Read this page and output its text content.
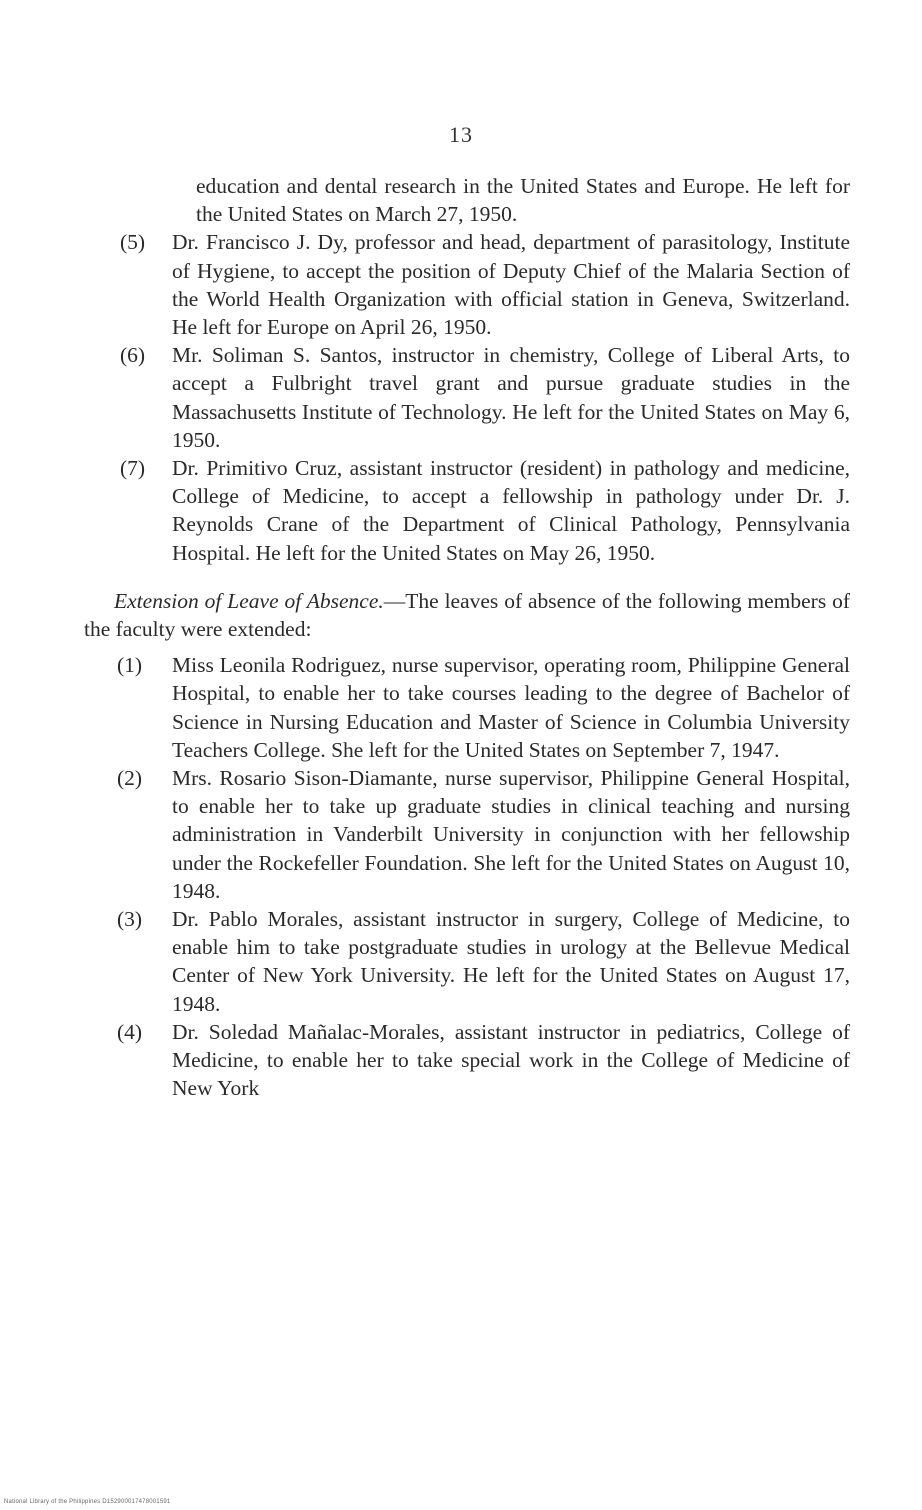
13
education and dental research in the United States and Europe. He left for the United States on March 27, 1950.
(5)	Dr. Francisco J. Dy, professor and head, department of parasitology, Institute of Hygiene, to accept the position of Deputy Chief of the Malaria Section of the World Health Organization with official station in Geneva, Switzerland. He left for Europe on April 26, 1950.
(6)	Mr. Soliman S. Santos, instructor in chemistry, College of Liberal Arts, to accept a Fulbright travel grant and pursue graduate studies in the Massachusetts Institute of Technology. He left for the United States on May 6, 1950.
(7)	Dr. Primitivo Cruz, assistant instructor (resident) in pathology and medicine, College of Medicine, to accept a fellowship in pathology under Dr. J. Reynolds Crane of the Department of Clinical Pathology, Pennsylvania Hospital. He left for the United States on May 26, 1950.
Extension of Leave of Absence.—The leaves of absence of the following members of the faculty were extended:
(1)	Miss Leonila Rodriguez, nurse supervisor, operating room, Philippine General Hospital, to enable her to take courses leading to the degree of Bachelor of Science in Nursing Education and Master of Science in Columbia University Teachers College. She left for the United States on September 7, 1947.
(2)	Mrs. Rosario Sison-Diamante, nurse supervisor, Philippine General Hospital, to enable her to take up graduate studies in clinical teaching and nursing administration in Vanderbilt University in conjunction with her fellowship under the Rockefeller Foundation. She left for the United States on August 10, 1948.
(3)	Dr. Pablo Morales, assistant instructor in surgery, College of Medicine, to enable him to take postgraduate studies in urology at the Bellevue Medical Center of New York University. He left for the United States on August 17, 1948.
(4)	Dr. Soledad Mañalac-Morales, assistant instructor in pediatrics, College of Medicine, to enable her to take special work in the College of Medicine of New York
National Library of the Philippines D152900017478001591
